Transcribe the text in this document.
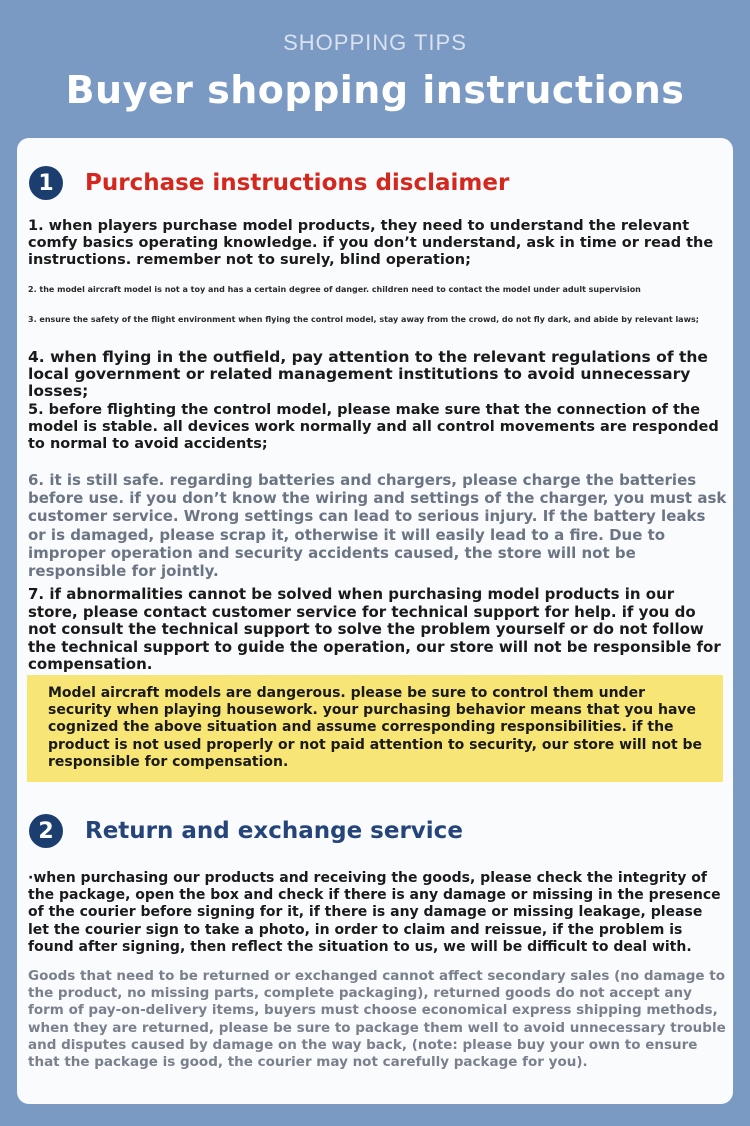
SHOPPING TIPS
Buyer shopping instructions
1	Purchase instructions disclaimer

1. when players purchase model products, they need to understand the relevant comfy basics operating knowledge. if you don’t understand, ask in time or read the instructions. remember not to surely, blind operation;

2. the model aircraft model is not a toy and has a certain degree of danger. children need to contact the model under adult supervision

3. ensure the safety of the flight environment when flying the control model, stay away from the crowd, do not fly dark, and abide by relevant laws;

4. when flying in the outfield, pay attention to the relevant regulations of the local government or related management institutions to avoid unnecessary losses;

5. before flighting the control model, please make sure that the connection of the model is stable. all devices work normally and all control movements are responded to normal to avoid accidents;

6. it is still safe. regarding batteries and chargers, please charge the batteries before use. if you don’t know the wiring and settings of the charger, you must ask customer service. Wrong settings can lead to serious injury. If the battery leaks or is damaged, please scrap it, otherwise it will easily lead to a fire. Due to improper operation and security accidents caused, the store will not be responsible for jointly.

7. if abnormalities cannot be solved when purchasing model products in our store, please contact customer service for technical support for help. if you do not consult the technical support to solve the problem yourself or do not follow the technical support to guide the operation, our store will not be responsible for compensation.

Model aircraft models are dangerous. please be sure to control them under security when playing housework. your purchasing behavior means that you have cognized the above situation and assume corresponding responsibilities. if the product is not used properly or not paid attention to security, our store will not be responsible for compensation.

2	Return and exchange service

·when purchasing our products and receiving the goods, please check the integrity of the package, open the box and check if there is any damage or missing in the presence of the courier before signing for it, if there is any damage or missing leakage, please let the courier sign to take a photo, in order to claim and reissue, if the problem is found after signing, then reflect the situation to us, we will be difficult to deal with.

Goods that need to be returned or exchanged cannot affect secondary sales (no damage to the product, no missing parts, complete packaging), returned goods do not accept any form of pay-on-delivery items, buyers must choose economical express shipping methods, when they are returned, please be sure to package them well to avoid unnecessary trouble and disputes caused by damage on the way back, (note: please buy your own to ensure that the package is good, the courier may not carefully package for you).
